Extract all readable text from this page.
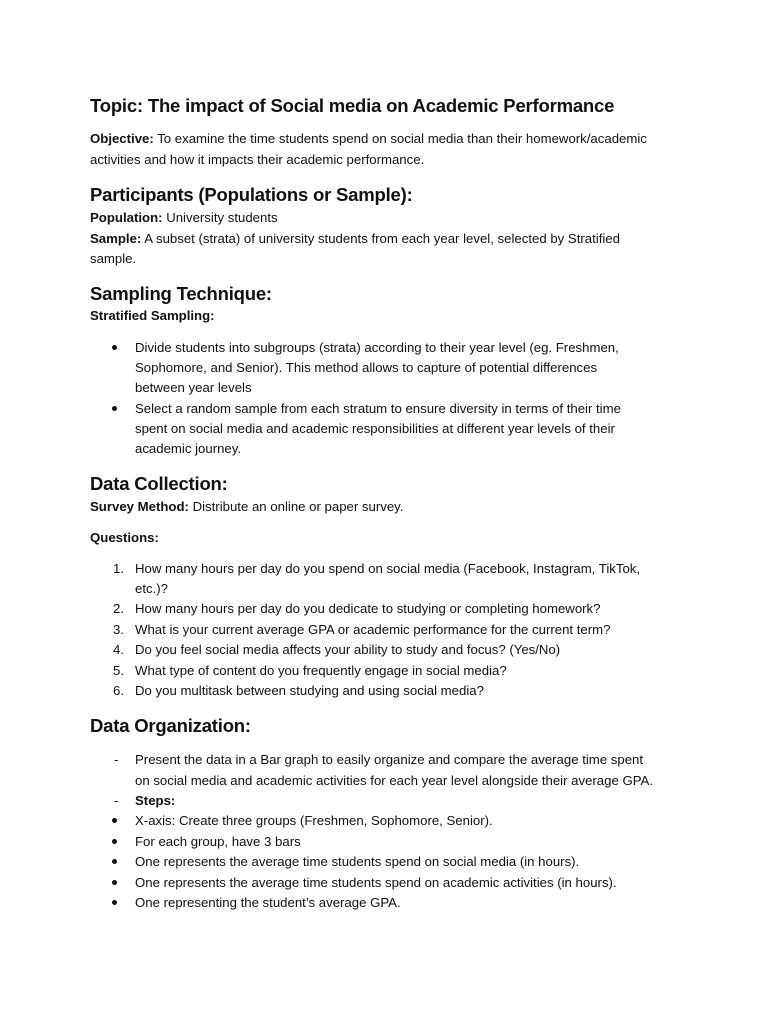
Topic: The impact of Social media on Academic Performance
Objective: To examine the time students spend on social media than their homework/academic
activities and how it impacts their academic performance.
Participants (Populations or Sample):
Population: University students
Sample: A subset (strata) of university students from each year level, selected by Stratified
sample.
Sampling Technique:
Stratified Sampling:
Divide students into subgroups (strata) according to their year level (eg. Freshmen,
Sophomore, and Senior). This method allows to capture of potential differences
between year levels
Select a random sample from each stratum to ensure diversity in terms of their time
spent on social media and academic responsibilities at different year levels of their
academic journey.
Data Collection:
Survey Method: Distribute an online or paper survey.
Questions:
1. How many hours per day do you spend on social media (Facebook, Instagram, TikTok,
etc.)?
2. How many hours per day do you dedicate to studying or completing homework?
3. What is your current average GPA or academic performance for the current term?
4. Do you feel social media affects your ability to study and focus? (Yes/No)
5. What type of content do you frequently engage in social media?
6. Do you multitask between studying and using social media?
Data Organization:
- Present the data in a Bar graph to easily organize and compare the average time spent
on social media and academic activities for each year level alongside their average GPA.
- Steps:
X-axis: Create three groups (Freshmen, Sophomore, Senior).
For each group, have 3 bars
One represents the average time students spend on social media (in hours).
One represents the average time students spend on academic activities (in hours).
One representing the student’s average GPA.
